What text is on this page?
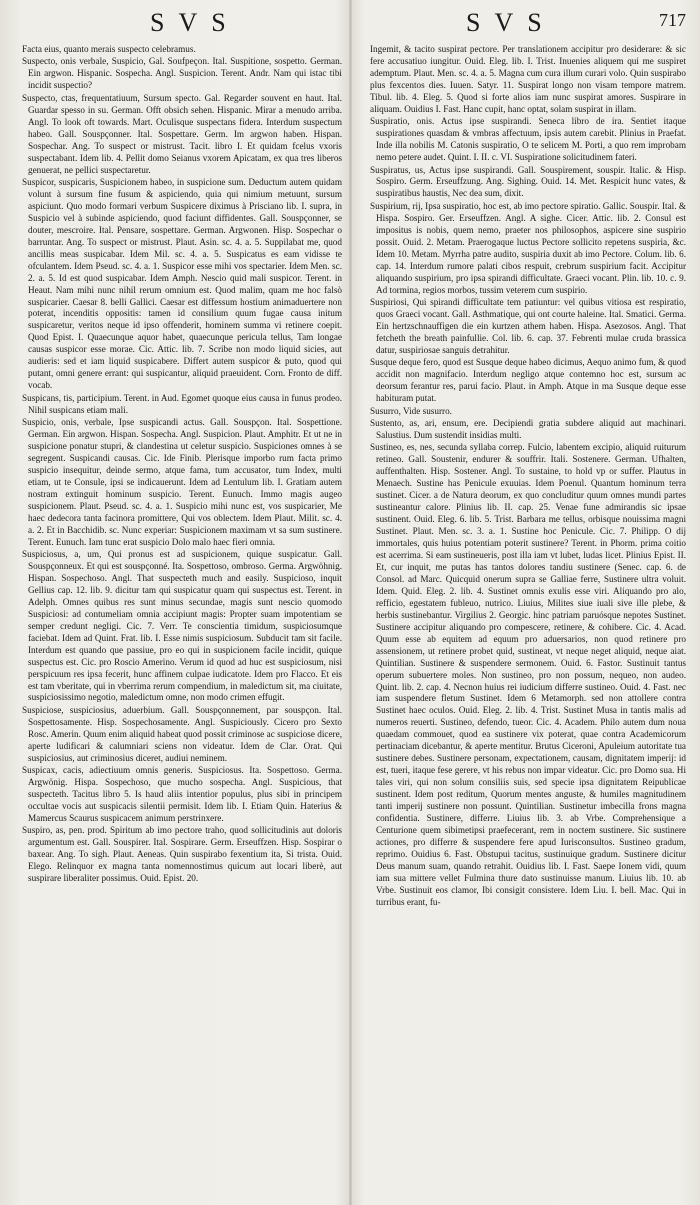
S V S

Facta eius, quanto merais suspecto celebramus.

Suspecto, onis verbale, Suspicio, Gal. Soufpeçon. Ital. Suspitione, sospetto. German. Ein argwon. Hispanic. Sospecha. Angl. Suspicion. Terent. Andr. Nam qui istac tibi incidit suspectio?

Suspecto, ctas, frequentatiuum, Sursum specto. Gal. Regarder souvent en haut. Ital. Guardar spesso in su. German. Offt obsich sehen. Hispanic. Mirar a menudo arriba. Angl. To look oft towards. Mart. Oculisque suspectans fidera. Interdum suspectum habeo. Gall. Souspçonner. Ital. Sospettare. Germ. Im argwon haben. Hispan. Sospechar. Ang. To suspect or mistrust. Tacit. libro I. Et quidam fcelus vxoris suspectabant. Idem lib. 4. Pellit domo Seianus vxorem Apicatam, ex qua tres liberos genuerat, ne pellici suspectaretur.

Suspicor, suspicaris, Suspicionem habeo, in suspicione sum. Deductum autem quidam volunt à sursum fine fusum & aspiciendo, quia qui nimium metuunt, sursum aspiciunt. Quo modo formari verbum Suspicere diximus à Prisciano lib. I. supra, in Suspicio vel à subinde aspiciendo, quod faciunt diffidentes. Gall. Souspçonner, se douter, mescroire. Ital. Pensare, sospettare. German. Argwonen. Hisp. Sospechar o barruntar. Ang. To suspect or mistrust. Plaut. Asin. sc. 4. a. 5. Suppilabat me, quod ancillis meas suspicabar. Idem Mil. sc. 4. a. 5. Suspicatus es eam vidisse te ofculantem. Idem Pseud. sc. 4. a. 1. Suspicor esse mihi vos spectarier. Idem Men. sc. 2. a. 5. Id est quod suspicabar. Idem Amph. Nescio quid mali suspicor. Terent. in Heaut. Nam mihi nunc nihil rerum omnium est. Quod malim, quam me hoc falsò suspicarier. Caesar 8. belli Gallici. Caesar est diffessum hostium animaduertere non poterat, incenditis oppositis: tamen id consilium quum fugae causa initum suspicaretur, veritos neque id ipso offenderit, hominem summa vi retinere coepit. Quod Epist. I. Quaecunque aquor habet, quaecunque pericula tellus, Tam longae causas suspicor esse morae. Cic. Attic. lib. 7. Scribe non modo liquid sicies, aut audieris: sed et iam liquid suspicabere. Differt autem suspicor & puto, quod qui putant, omni genere errant: qui suspicantur, aliquid praeuident. Corn. Fronto de diff. vocab.

Suspicans, tis, participium. Terent. in Aud. Egomet quoque eius causa in funus prodeo. Nihil suspicans etiam mali.

Suspicio, onis, verbale, Ipse suspicandi actus. Gall. Souspçon. Ital. Sospettione. German. Ein argwon. Hispan. Sospecha. Angl. Suspicion. Plaut. Amphitr. Et ut ne in suspicione ponatur stupri, & clandestina ut celetur suspicio. Suspiciones omnes à se segregent. Suspicandi causas. Cic. Ide Finib. Plerisque imporbo rum facta primo suspicio insequitur, deinde sermo, atque fama, tum accusator, tum Index, multi etiam, ut te Consule, ipsi se indicauerunt. Idem ad Lentulum lib. I. Gratiam autem nostram extinguit hominum suspicio. Terent. Eunuch. Immo magis augeo suspicionem. Plaut. Pseud. sc. 4. a. 1. Suspicio mihi nunc est, vos suspicarier, Me haec dedecora tanta facinora promittere, Qui vos oblectem. Idem Plaut. Milit. sc. 4. a. 2. Et in Bacchidib. sc. Nunc experiar: Suspicionem maximam vt sa sum sustinere. Terent. Eunuch. Iam tunc erat suspicio Dolo malo haec fieri omnia.

Suspiciosus, a, um, Qui pronus est ad suspicionem, quique suspicatur. Gall. Souspçonneux. Et qui est souspçonné. Ita. Sospettoso, ombroso. Germa. Argwöhnig. Hispan. Sospechoso. Angl. That suspecteth much and easily. Suspicioso, inquit Gellius cap. 12. lib. 9. dicitur tam qui suspicatur quam qui suspectus est. Terent. in Adelph. Omnes quibus res sunt minus secundae, magis sunt nescio quomodo Suspiciosi: ad contumeliam omnia accipiunt magis: Propter suam impotentiam se semper credunt negligi. Cic. 7. Verr. Te conscientia timidum, suspiciosumque faciebat. Idem ad Quint. Frat. lib. I. Esse nimis suspiciosum. Subducit tam sit facile. Interdum est quando que passiue, pro eo qui in suspicionem facile incidit, quique suspectus est. Cic. pro Roscio Amerino. Verum id quod ad huc est suspiciosum, nisi perspicuum res ipsa fecerit, hunc affinem culpae iudicatote. Idem pro Flacco. Et eis est tam vberitate, qui in vberrima rerum compendium, in maledictum sit, ma ciuitate, suspiciosissimo negotio, maledictum omne, non modo crimen effugit.

Suspiciose, suspiciosius, aduerbium. Gall. Souspçonnement, par souspçon. Ital. Sospettosamente. Hisp. Sospechosamente. Angl. Suspiciously. Cicero pro Sexto Rosc. Amerin. Quum enim aliquid habeat quod possit criminose ac suspiciose dicere, aperte ludificari & calumniari sciens non videatur. Idem de Clar. Orat. Qui suspiciosius, aut criminosius diceret, audiui neminem.

Suspicax, cacis, adiectiuum omnis generis. Suspiciosus. Ita. Sospettoso. Germa. Argwönig. Hispa. Sospechoso, que mucho sospecha. Angl. Suspicious, that suspecteth. Tacitus libro 5. Is haud aliis intentior populus, plus sibi in principem occultae vocis aut suspicacis silentii permisit. Idem lib. I. Etiam Quin. Haterius & Mamercus Scaurus suspicacem animum perstrinxere.

Suspiro, as, pen. prod. Spiritum ab imo pectore traho, quod sollicitudinis aut doloris argumentum est. Gall. Souspirer. Ital. Sospirare. Germ. Erseuffzen. Hisp. Sospirar o baxear. Ang. To sigh. Plaut. Aeneas. Quin suspirabo fexentium ita, Si trista. Ouid. Elego. Relinquor ex magna tanta nomennostimus quicum aut locari liberè, aut suspirare liberaliter possimus. Ouid. Epist. 20.

S V S	717

Ingemit, & tacito suspirat pectore. Per translationem accipitur pro desiderare: & sic fere accusatiuo iungitur. Ouid. Eleg. lib. I. Trist. Inuenies aliquem qui me suspiret ademptum. Plaut. Men. sc. 4. a. 5. Magna cum cura illum curari volo. Quin suspirabo plus fexcentos dies. Iuuen. Satyr. 11. Suspirat longo non visam tempore matrem. Tibul. lib. 4. Eleg. 5. Quod si forte alios iam nunc suspirat amores. Suspirare in aliquam. Ouidius I. Fast. Hanc cupit, hanc optat, solam suspirat in illam.

Suspiratio, onis. Actus ipse suspirandi. Seneca libro de ira. Sentiet itaque suspirationes quasdam & vmbras affectuum, ipsis autem carebit. Plinius in Praefat. Inde illa nobilis M. Catonis suspiratio, O te selicem M. Porti, a quo rem improbam nemo petere audet. Quint. I. II. c. VI. Suspiratione solicitudinem fateri.

Suspiratus, us, Actus ipse suspirandi. Gall. Souspirement, souspir. Italic. & Hisp. Sospiro. Germ. Erseuffzung. Ang. Sighing. Ouid. 14. Met. Respicit hunc vates, & suspiratibus haustis, Nec dea sum, dixit.

Suspirium, rij, Ipsa suspiratio, hoc est, ab imo pectore spiratio. Gallic. Souspir. Ital. & Hispa. Sospiro. Ger. Erseuffzen. Angl. A sighe. Cicer. Attic. lib. 2. Consul est impositus is nobis, quem nemo, praeter nos philosophos, aspicere sine suspirio possit. Ouid. 2. Metam. Praerogaque luctus Pectore sollicito repetens suspiria, &c. Idem 10. Metam. Myrrha patre audito, suspiria duxit ab imo Pectore. Colum. lib. 6. cap. 14. Interdum rumore palati cibos respuit, crebrum suspirium facit. Accipitur aliquando suspirium, pro ipsa spirandi difficultate. Graeci vocant. Plin. lib. 10. c. 9. Ad tormina, regios morbos, tussim veterem cum suspirio.

Suspiriosi, Qui spirandi difficultate tem patiuntur: vel quibus vitiosa est respiratio, quos Graeci vocant. Gall. Asthmatique, qui ont courte haleine. Ital. Smatici. Germa. Ein hertzschnauffigen die ein kurtzen athem haben. Hispa. Asezosos. Angl. That fetcheth the breath painfullie. Col. lib. 6. cap. 37. Febrenti mulae cruda brassica datur, suspiriosae sanguis detrahitur.

Susque deque fero, quod est Susque deque habeo dicimus, Aequo animo fum, & quod accidit non magnifacio. Interdum negligo atque contemno hoc est, sursum ac deorsum ferantur res, parui facio. Plaut. in Amph. Atque in ma Susque deque esse habituram putat.

Susurro, Vide susurro.

Sustento, as, ari, ensum, ere. Decipiendi gratia subdere aliquid aut machinari. Salustius. Dum sustendit insidias multi.

Sustineo, es, nes, secunda syllaba correp. Fulcio, labentem excipio, aliquid ruiturum retineo. Gall. Soustenir, endurer & souffrir. Itali. Sostenere. German. Ufhalten, auffenthalten. Hisp. Sostener. Angl. To sustaine, to hold vp or suffer. Plautus in Menaech. Sustine has Penicule exuuias. Idem Poenul. Quantum hominum terra sustinet. Cicer. a de Natura deorum, ex quo concluditur quum omnes mundi partes sustineantur calore. Plinius lib. II. cap. 25. Venae fune admirandis sic ipsae sustinent. Ouid. Eleg. 6. lib. 5. Trist. Barbara me tellus, orbisque nouissima magni Sustinet. Plaut. Men. sc. 3. a. 1. Sustine hoc Penicule. Cic. 7. Philipp. O dij immortales, quis huius potentiam poterit sustinere? Terent. in Phorm. prima coitio est acerrima. Si eam sustineueris, post illa iam vt lubet, ludas licet. Plinius Epist. II. Et, cur inquit, me putas has tantos dolores tandiu sustinere (Senec. cap. 6. de Consol. ad Marc. Quicquid onerum supra se Galliae ferre, Sustinere ultra voluit. Idem. Quid. Eleg. 2. lib. 4. Sustinet omnis exulis esse viri. Aliquando pro alo, refficio, egestatem fubleuo, nutrico. Liuius, Milites siue iuali sive ille plebe, & herbis sustinebantur. Virgilius 2. Georgic. hinc patriam paruósque nepotes Sustinet. Sustinere accipitur aliquando pro compescere, retinere, & cohibere. Cic. 4. Acad. Quum esse ab equitem ad equum pro aduersarios, non quod retinere pro assensionem, ut retinere probet quid, sustineat, vt neque neget aliquid, neque aiat. Quintilian. Sustinere & suspendere sermonem. Ouid. 6. Fastor. Sustinuit tantus operum subuertere moles. Non sustineo, pro non possum, nequeo, non audeo. Quint. lib. 2. cap. 4. Necnon huius rei iudicium differre sustineo. Ouid. 4. Fast. nec iam suspendere fletum Sustinet. Idem 6 Metamorph. sed non attollere contra Sustinet haec oculos. Ouid. Eleg. 2. lib. 4. Trist. Sustinet Musa in tantis malis ad numeros reuerti. Sustineo, defendo, tueor. Cic. 4. Academ. Philo autem dum noua quaedam commouet, quod ea sustinere vix poterat, quae contra Academicorum pertinaciam dicebantur, & aperte mentitur. Brutus Ciceroni, Apuleium autoritate tua sustinere debes. Sustinere personam, expectationem, causam, dignitatem imperij: id est, tueri, itaque fese gerere, vt his rebus non impar videatur. Cic. pro Domo sua. Hi tales viri, qui non solum consiliis suis, sed specie ipsa dignitatem Reipublicae sustinent. Idem post reditum, Quorum mentes anguste, & humiles magnitudinem tanti imperij sustinere non possunt. Quintilian. Sustinetur imbecilla frons magna confidentia. Sustinere, differre. Liuius lib. 3. ab Vrbe. Comprehensique a Centurione quem sibimetipsi praefecerant, rem in noctem sustinere. Sic sustinere actiones, pro differre & suspendere fere apud Iurisconsultos. Sustineo gradum, reprimo. Ouidius 6. Fast. Obstupui tacitus, sustinuique gradum. Sustinere dicitur Deus manum suam, quando retrahit. Ouidius lib. I. Fast. Saepe Ionem vidi, quum iam sua mittere vellet Fulmina thure dato sustinuisse manum. Liuius lib. 10. ab Vrbe. Sustinuit eos clamor, Ibi consigit consistere. Idem Liu. I. bell. Mac. Qui in turribus erant, fu-
